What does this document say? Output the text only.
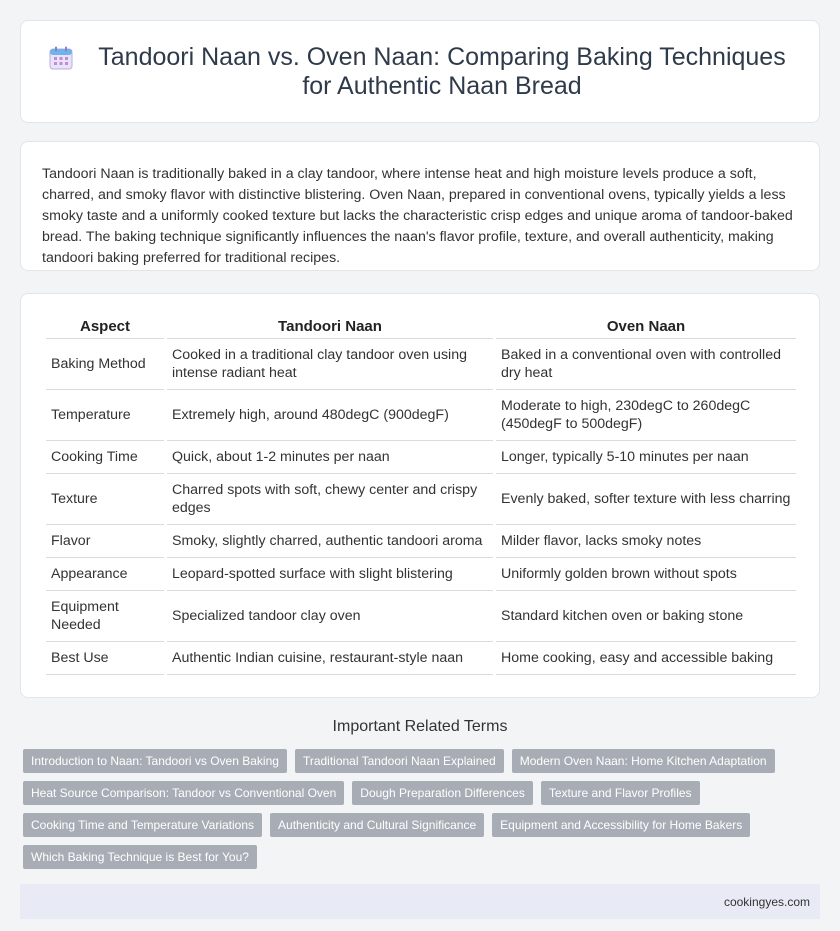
Tandoori Naan vs. Oven Naan: Comparing Baking Techniques for Authentic Naan Bread
Tandoori Naan is traditionally baked in a clay tandoor, where intense heat and high moisture levels produce a soft, charred, and smoky flavor with distinctive blistering. Oven Naan, prepared in conventional ovens, typically yields a less smoky taste and a uniformly cooked texture but lacks the characteristic crisp edges and unique aroma of tandoor-baked bread. The baking technique significantly influences the naan's flavor profile, texture, and overall authenticity, making tandoori baking preferred for traditional recipes.
Aspect	Tandoori Naan	Oven Naan
Baking Method	Cooked in a traditional clay tandoor oven using intense radiant heat	Baked in a conventional oven with controlled dry heat
Temperature	Extremely high, around 480degC (900degF)	Moderate to high, 230degC to 260degC (450degF to 500degF)
Cooking Time	Quick, about 1-2 minutes per naan	Longer, typically 5-10 minutes per naan
Texture	Charred spots with soft, chewy center and crispy edges	Evenly baked, softer texture with less charring
Flavor	Smoky, slightly charred, authentic tandoori aroma	Milder flavor, lacks smoky notes
Appearance	Leopard-spotted surface with slight blistering	Uniformly golden brown without spots
Equipment Needed	Specialized tandoor clay oven	Standard kitchen oven or baking stone
Best Use	Authentic Indian cuisine, restaurant-style naan	Home cooking, easy and accessible baking
Important Related Terms
Introduction to Naan: Tandoori vs Oven Baking	Traditional Tandoori Naan Explained	Modern Oven Naan: Home Kitchen Adaptation
Heat Source Comparison: Tandoor vs Conventional Oven	Dough Preparation Differences	Texture and Flavor Profiles
Cooking Time and Temperature Variations	Authenticity and Cultural Significance	Equipment and Accessibility for Home Bakers
Which Baking Technique is Best for You?
cookingyes.com
